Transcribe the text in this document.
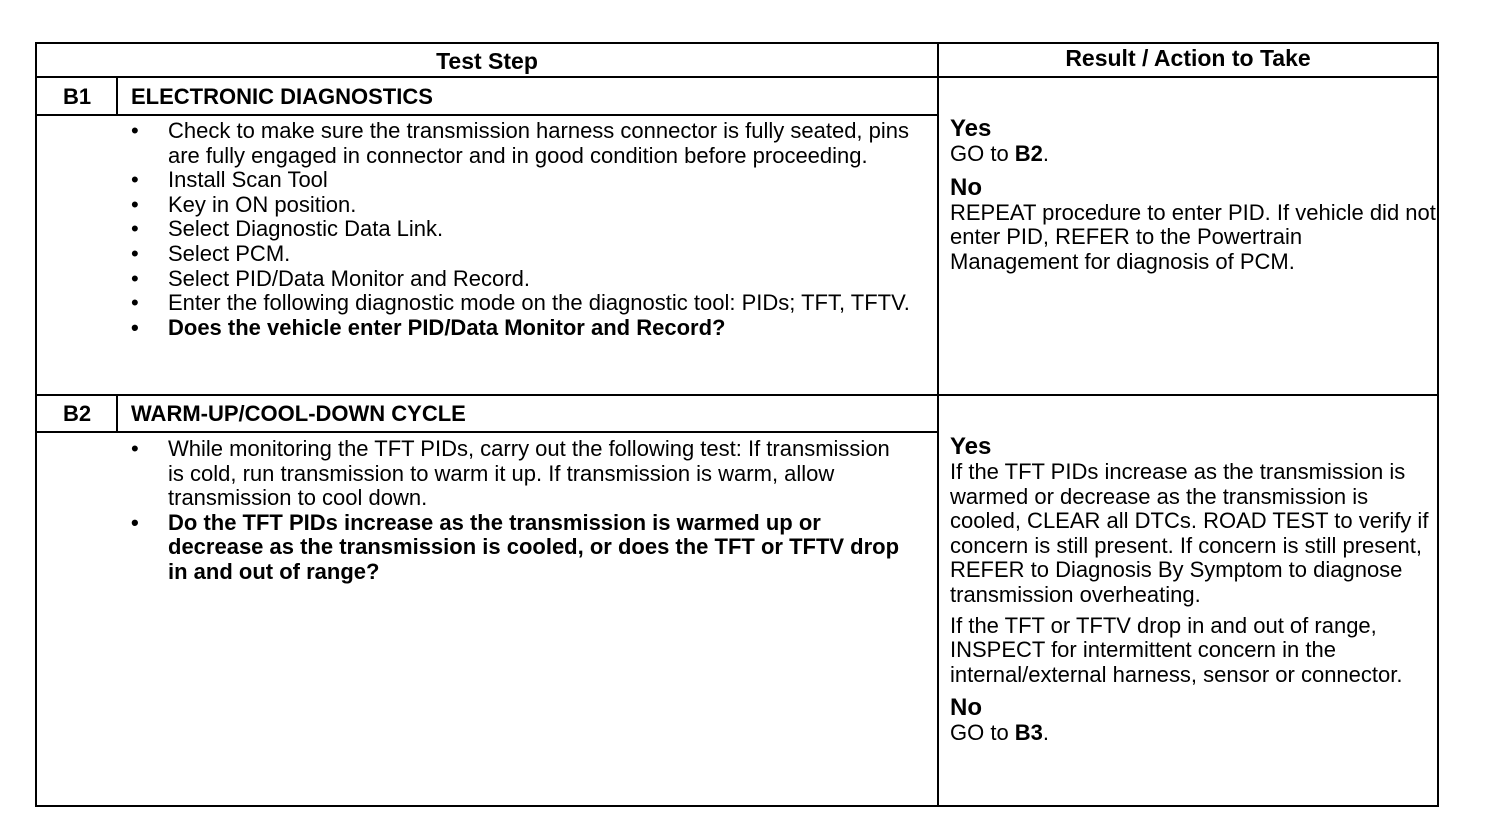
Test Step	Result / Action to Take
B1	ELECTRONIC DIAGNOSTICS
• Check to make sure the transmission harness connector is fully seated, pins are fully engaged in connector and in good condition before proceeding.
• Install Scan Tool
• Key in ON position.
• Select Diagnostic Data Link.
• Select PCM.
• Select PID/Data Monitor and Record.
• Enter the following diagnostic mode on the diagnostic tool: PIDs; TFT, TFTV.
• Does the vehicle enter PID/Data Monitor and Record?
Yes

GO to B2.

No

REPEAT procedure to enter PID. If vehicle did not enter PID, REFER to the Powertrain Management for diagnosis of PCM.

B2	WARM-UP/COOL-DOWN CYCLE
• While monitoring the TFT PIDs, carry out the following test: If transmission is cold, run transmission to warm it up. If transmission is warm, allow transmission to cool down.
• Do the TFT PIDs increase as the transmission is warmed up or decrease as the transmission is cooled, or does the TFT or TFTV drop in and out of range?
Yes

If the TFT PIDs increase as the transmission is warmed or decrease as the transmission is cooled, CLEAR all DTCs. ROAD TEST to verify if concern is still present. If concern is still present, REFER to Diagnosis By Symptom to diagnose transmission overheating.

If the TFT or TFTV drop in and out of range, INSPECT for intermittent concern in the internal/external harness, sensor or connector.

No

GO to B3.
